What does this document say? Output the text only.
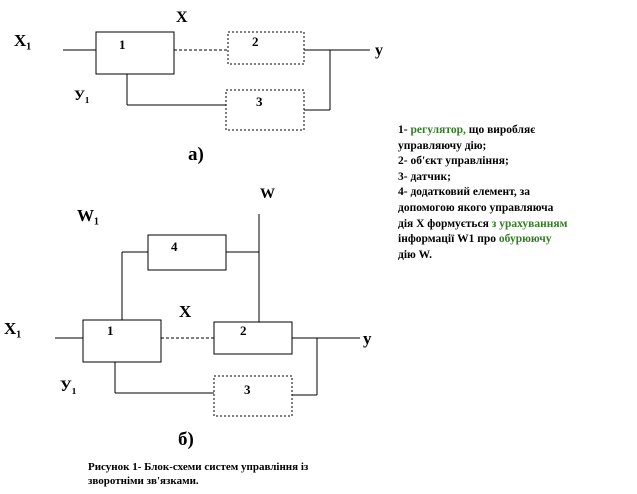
X₁
X
y
У₁
1	2
3
а)
W
W₁
X₁
X
y
У₁
1	2
3
4
б)
1- регулятор, що виробляє
управляючу дію;
2- об'єкт управління;
3- датчик;
4- додатковий елемент, за
допомогою якого управляюча
дія X формується з урахуванням
інформації W1 про обурюючу
дію W.
Рисунок 1- Блок-схеми систем управління із
зворотніми зв'язками.
